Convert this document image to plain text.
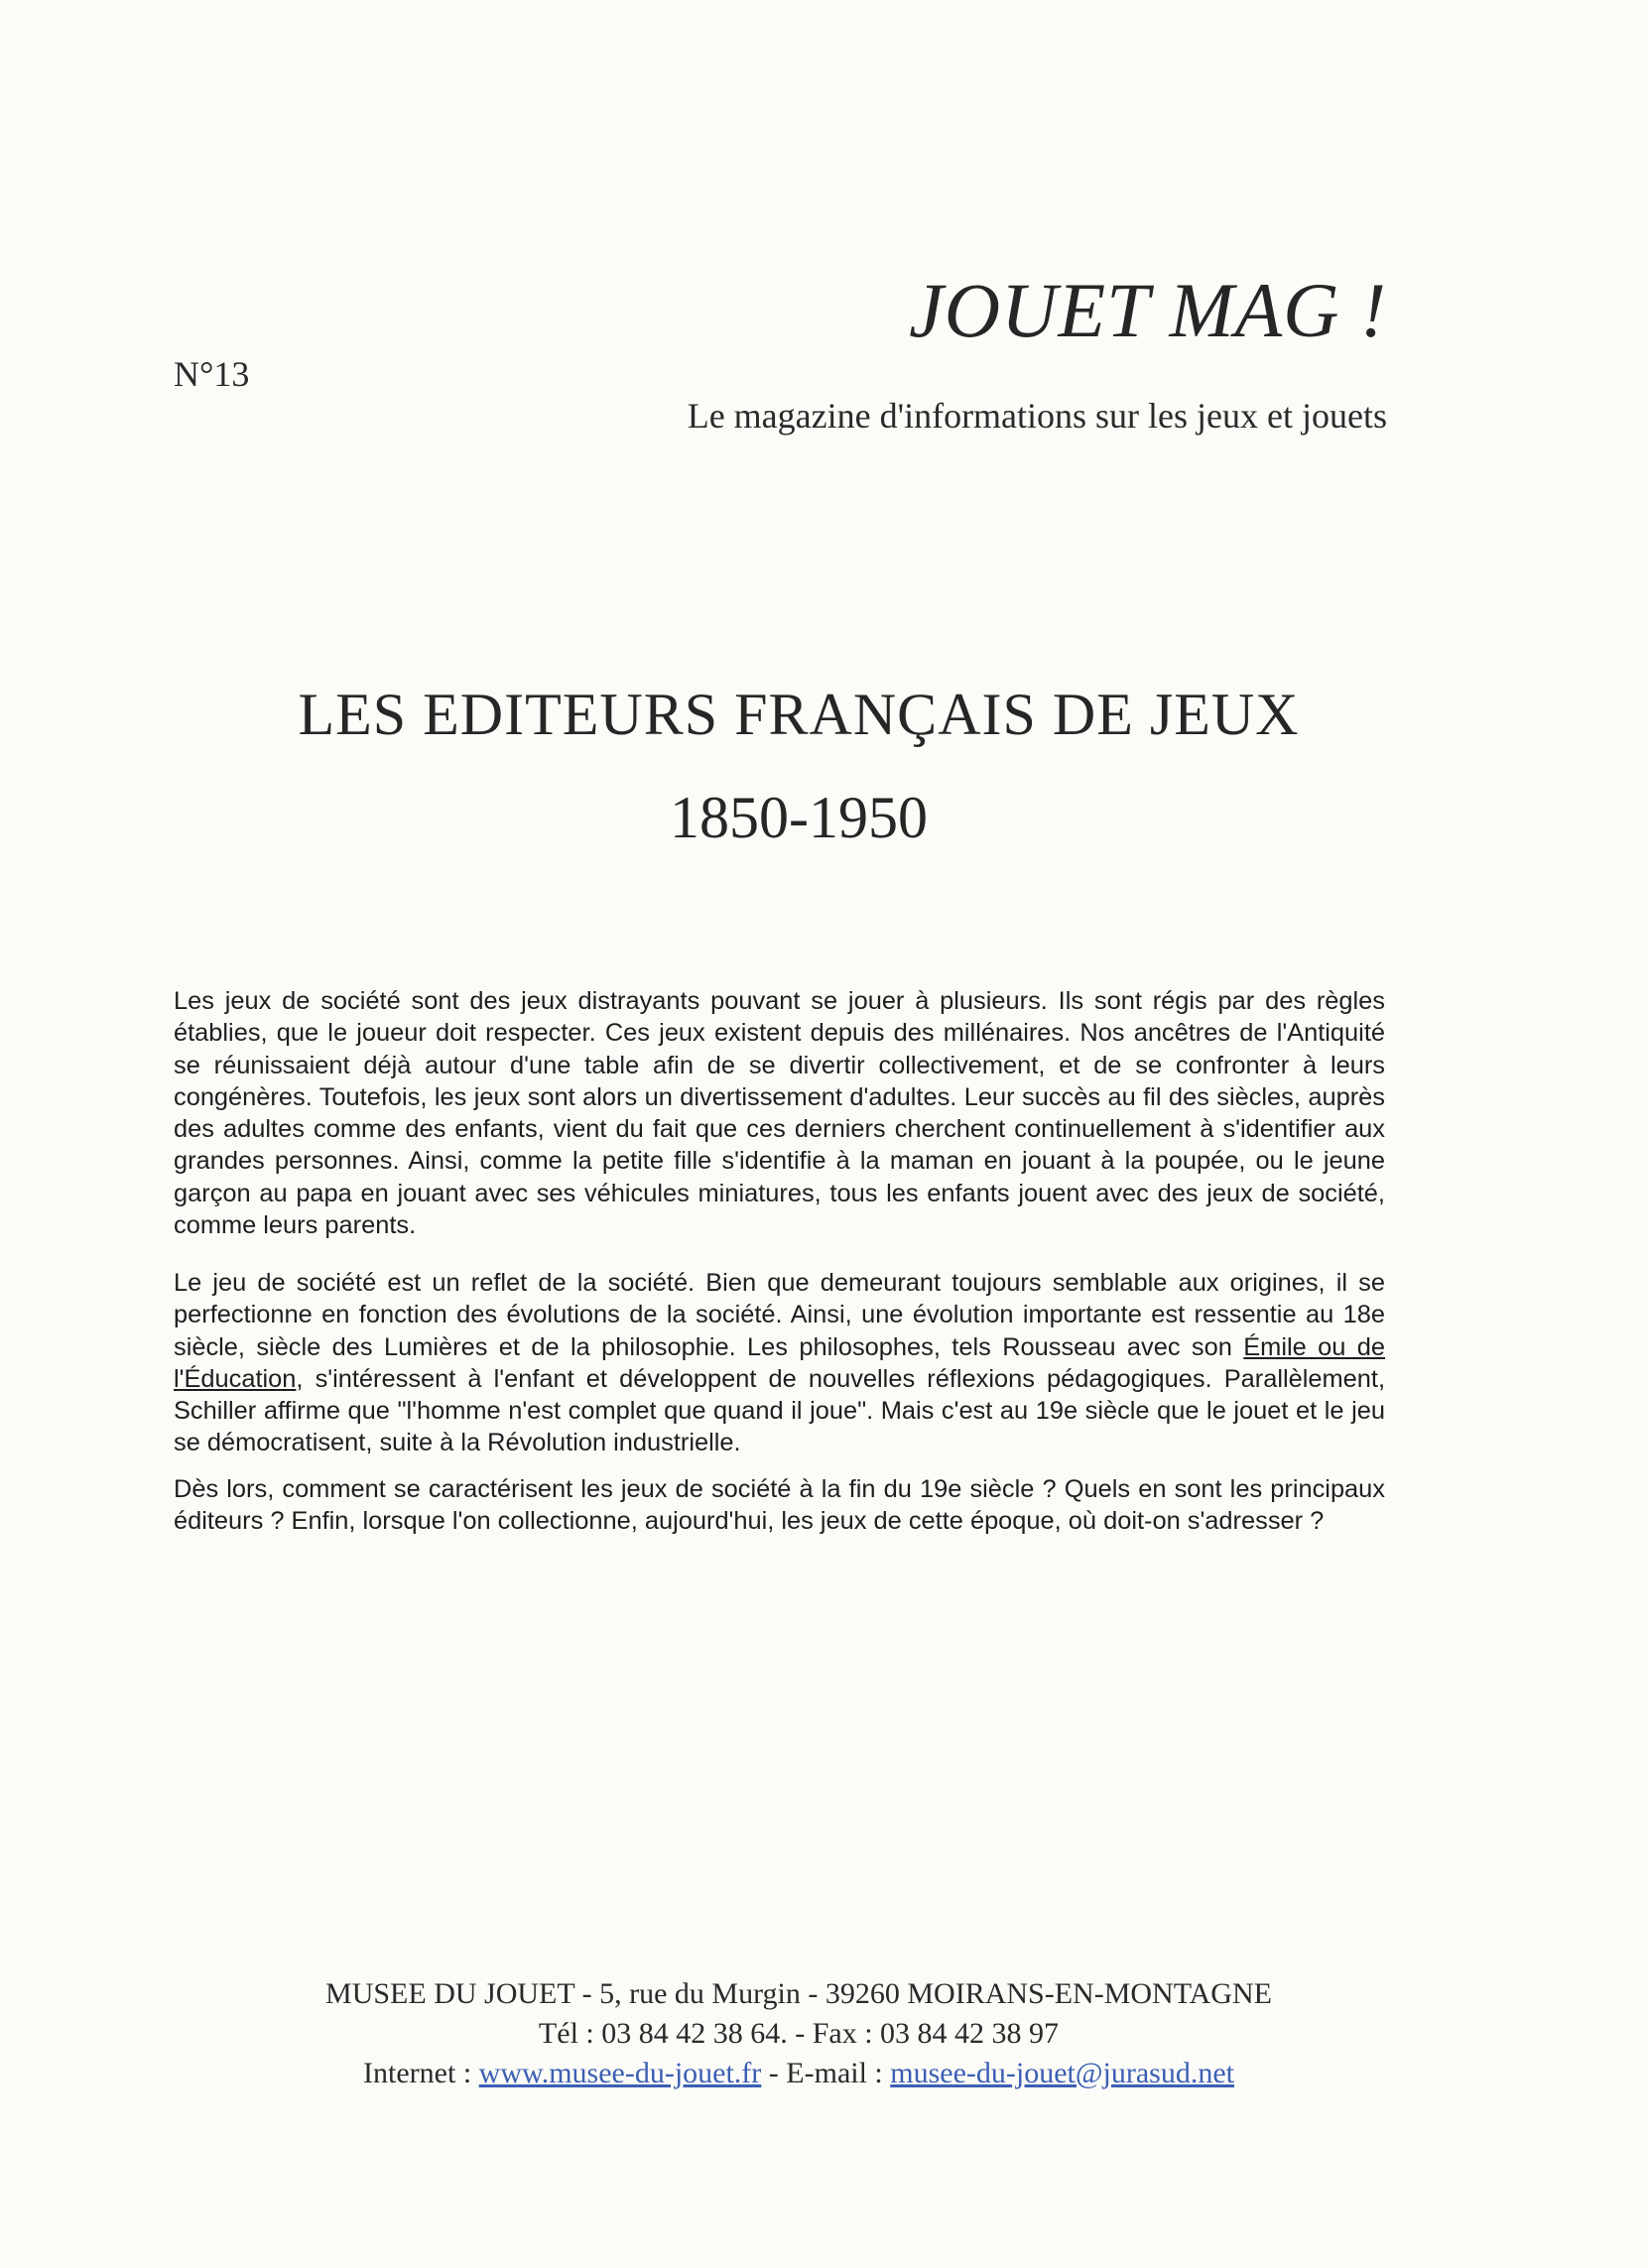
N°13
JOUET MAG !
Le magazine d'informations sur les jeux et jouets
LES EDITEURS FRANÇAIS DE JEUX
1850-1950

Les jeux de société sont des jeux distrayants pouvant se jouer à plusieurs. Ils sont régis par des règles établies, que le joueur doit respecter. Ces jeux existent depuis des millénaires. Nos ancêtres de l'Antiquité se réunissaient déjà autour d'une table afin de se divertir collectivement, et de se confronter à leurs congénères. Toutefois, les jeux sont alors un divertissement d'adultes. Leur succès au fil des siècles, auprès des adultes comme des enfants, vient du fait que ces derniers cherchent continuellement à s'identifier aux grandes personnes. Ainsi, comme la petite fille s'identifie à la maman en jouant à la poupée, ou le jeune garçon au papa en jouant avec ses véhicules miniatures, tous les enfants jouent avec des jeux de société, comme leurs parents.

Le jeu de société est un reflet de la société. Bien que demeurant toujours semblable aux origines, il se perfectionne en fonction des évolutions de la société. Ainsi, une évolution importante est ressentie au 18e siècle, siècle des Lumières et de la philosophie. Les philosophes, tels Rousseau avec son Émile ou de l'Éducation, s'intéressent à l'enfant et développent de nouvelles réflexions pédagogiques. Parallèlement, Schiller affirme que "l'homme n'est complet que quand il joue". Mais c'est au 19e siècle que le jouet et le jeu se démocratisent, suite à la Révolution industrielle.

Dès lors, comment se caractérisent les jeux de société à la fin du 19e siècle ? Quels en sont les principaux éditeurs ? Enfin, lorsque l'on collectionne, aujourd'hui, les jeux de cette époque, où doit-on s'adresser ?

MUSEE DU JOUET - 5, rue du Murgin - 39260 MOIRANS-EN-MONTAGNE
Tél : 03 84 42 38 64. - Fax : 03 84 42 38 97
Internet : www.musee-du-jouet.fr - E-mail : musee-du-jouet@jurasud.net
